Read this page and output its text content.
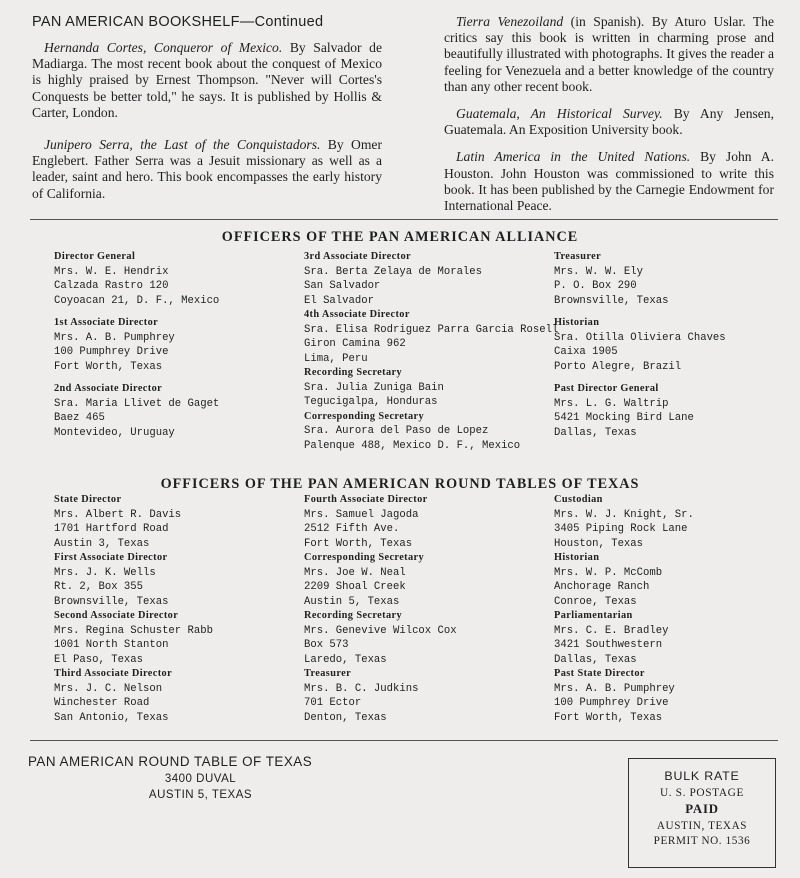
PAN AMERICAN BOOKSHELF—Continued

Hernanda Cortes, Conqueror of Mexico. By Salvador de Madiarga. The most recent book about the conquest of Mexico is highly praised by Ernest Thompson. "Never will Cortes's Conquests be better told," he says. It is published by Hollis & Carter, London.

Junipero Serra, the Last of the Conquistadors. By Omer Englebert. Father Serra was a Jesuit missionary as well as a leader, saint and hero. This book encompasses the early history of California.

Tierra Venezoiland (in Spanish). By Aturo Uslar. The critics say this book is written in charming prose and beautifully illustrated with photographs. It gives the reader a feeling for Venezuela and a better knowledge of the country than any other recent book.

Guatemala, An Historical Survey. By Any Jensen, Guatemala. An Exposition University book.

Latin America in the United Nations. By John A. Houston. John Houston was commissioned to write this book. It has been published by the Carnegie Endowment for International Peace.

OFFICERS OF THE PAN AMERICAN ALLIANCE
Director General
Mrs. W. E. Hendrix
Calzada Rastro 120
Coyoacan 21, D. F., Mexico
1st Associate Director
Mrs. A. B. Pumphrey
100 Pumphrey Drive
Fort Worth, Texas
2nd Associate Director
Sra. Maria Llivet de Gaget
Baez 465
Montevideo, Uruguay
3rd Associate Director
Sra. Berta Zelaya de Morales
San Salvador
El Salvador
4th Associate Director
Sra. Elisa Rodriguez Parra Garcia Rosell
Giron Camina 962
Lima, Peru
Recording Secretary
Sra. Julia Zuniga Bain
Tegucigalpa, Honduras
Corresponding Secretary
Sra. Aurora del Paso de Lopez
Palenque 488, Mexico D. F., Mexico
Treasurer
Mrs. W. W. Ely
P. O. Box 290
Brownsville, Texas
Historian
Sra. Otilla Oliviera Chaves
Caixa 1905
Porto Alegre, Brazil
Past Director General
Mrs. L. G. Waltrip
5421 Mocking Bird Lane
Dallas, Texas
OFFICERS OF THE PAN AMERICAN ROUND TABLES OF TEXAS
State Director
Mrs. Albert R. Davis
1701 Hartford Road
Austin 3, Texas
First Associate Director
Mrs. J. K. Wells
Rt. 2, Box 355
Brownsville, Texas
Second Associate Director
Mrs. Regina Schuster Rabb
1001 North Stanton
El Paso, Texas
Third Associate Director
Mrs. J. C. Nelson
Winchester Road
San Antonio, Texas
Fourth Associate Director
Mrs. Samuel Jagoda
2512 Fifth Ave.
Fort Worth, Texas
Corresponding Secretary
Mrs. Joe W. Neal
2209 Shoal Creek
Austin 5, Texas
Recording Secretary
Mrs. Genevive Wilcox Cox
Box 573
Laredo, Texas
Treasurer
Mrs. B. C. Judkins
701 Ector
Denton, Texas
Custodian
Mrs. W. J. Knight, Sr.
3405 Piping Rock Lane
Houston, Texas
Historian
Mrs. W. P. McComb
Anchorage Ranch
Conroe, Texas
Parliamentarian
Mrs. C. E. Bradley
3421 Southwestern
Dallas, Texas
Past State Director
Mrs. A. B. Pumphrey
100 Pumphrey Drive
Fort Worth, Texas
PAN AMERICAN ROUND TABLE OF TEXAS
3400 DUVAL
AUSTIN 5, TEXAS
BULK RATE
U. S. POSTAGE
PAID
AUSTIN, TEXAS
PERMIT NO. 1536
